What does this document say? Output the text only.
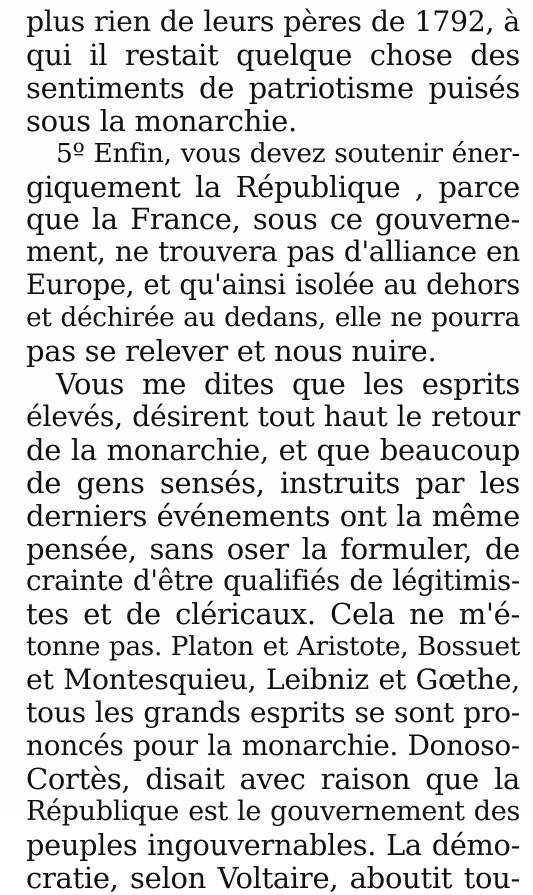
plus rien de leurs pères de 1792, à
qui il restait quelque chose des
sentiments de patriotisme puisés
sous la monarchie.
5º Enfin, vous devez soutenir éner-
giquement la République , parce
que la France, sous ce gouverne-
ment, ne trouvera pas d'alliance en
Europe, et qu'ainsi isolée au dehors
et déchirée au dedans, elle ne pourra
pas se relever et nous nuire.
Vous me dites que les esprits
élevés, désirent tout haut le retour
de la monarchie, et que beaucoup
de gens sensés, instruits par les
derniers événements ont la même
pensée, sans oser la formuler, de
crainte d'être qualifiés de légitimis-
tes et de cléricaux. Cela ne m'é-
tonne pas. Platon et Aristote, Bossuet
et Montesquieu, Leibniz et Gœthe,
tous les grands esprits se sont pro-
noncés pour la monarchie. Donoso-
Cortès, disait avec raison que la
République est le gouvernement des
peuples ingouvernables. La démo-
cratie, selon Voltaire, aboutit tou-
